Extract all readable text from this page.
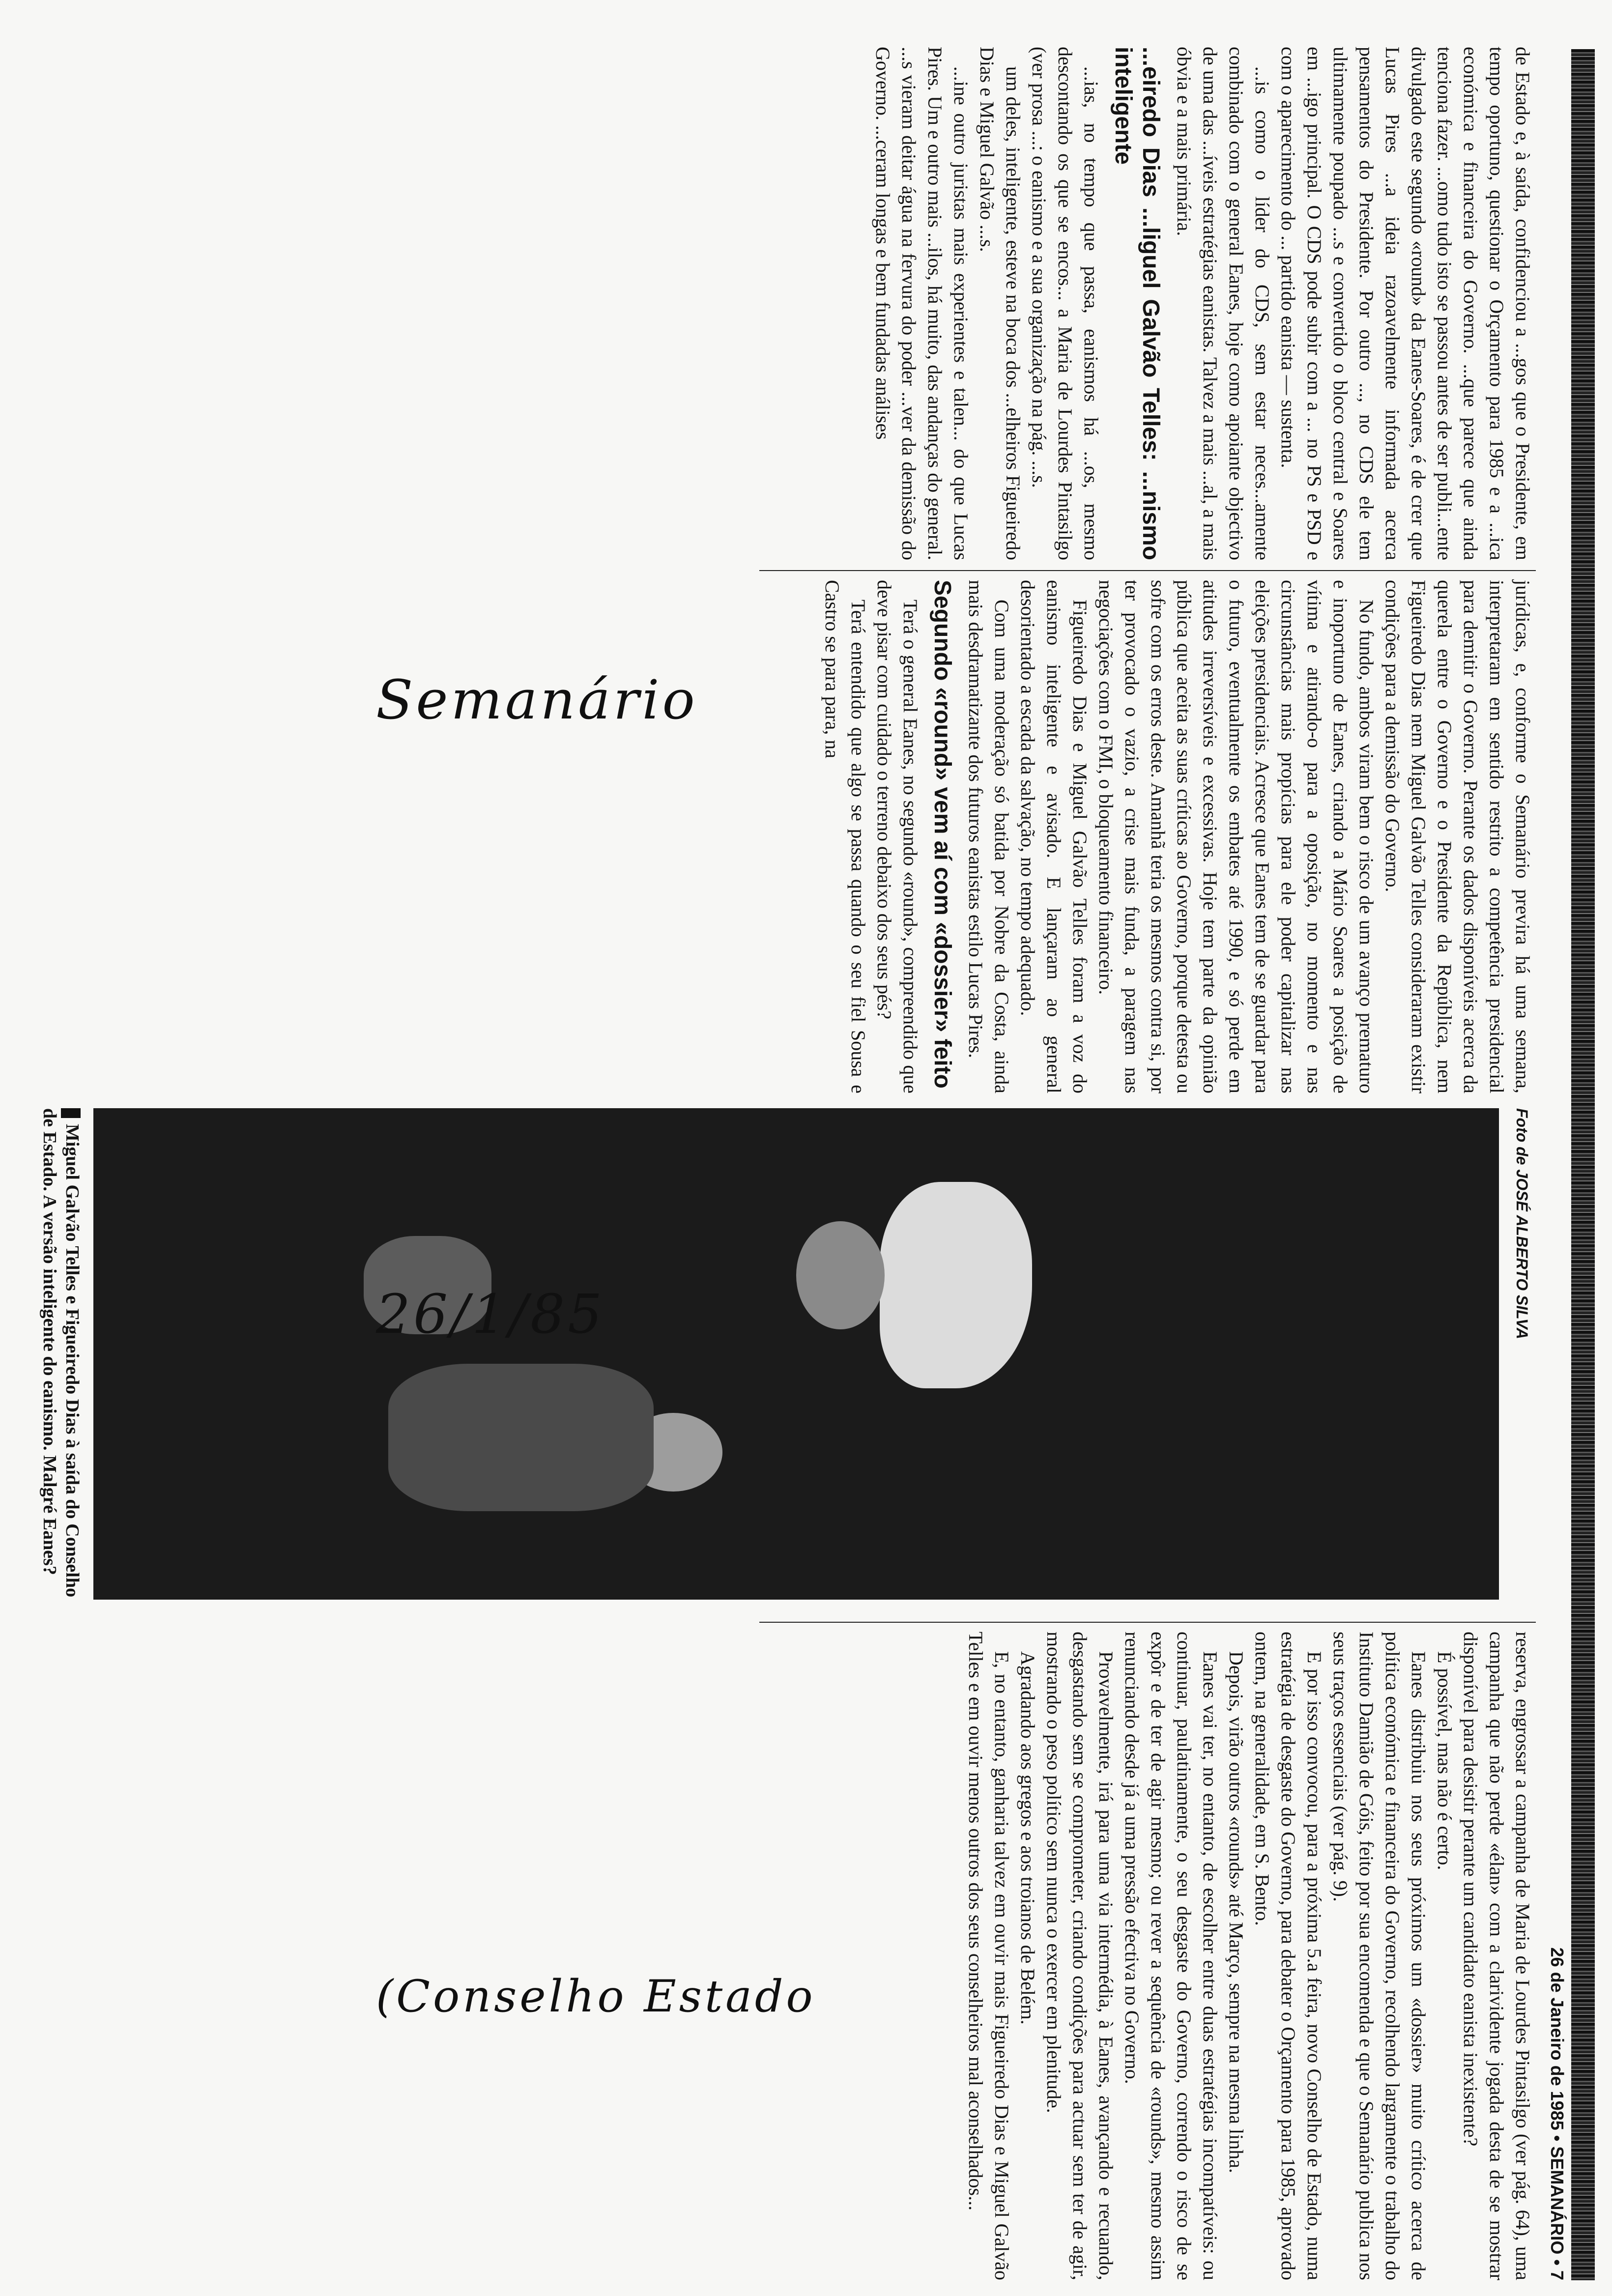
26 de Janeiro de 1985 • SEMANÁRIO • 7

de Estado e, à saída, confidenciou a ...gos que o Presidente, em tempo oportuno, questionar o Orçamento para 1985 e a ...ica económica e financeira do Governo. ...que parece que ainda tenciona fazer. ...omo tudo isto se passou antes de ser publi...ente divulgado este segundo «round» da Eanes-Soares, é de crer que Lucas Pires ...a ideia razoavelmente informada acerca pensamentos do Presidente. Por outro ..., no CDS ele tem ultimamente poupado ...s e convertido o bloco central e Soares em ...igo principal. O CDS pode subir com a ... no PS e PSD e com o aparecimento do ... partido eanista — sustenta.

...is como o líder do CDS, sem estar neces...amente combinado com o general Eanes, hoje como apoiante objectivo de uma das ...íveis estratégias eanistas. Talvez a mais ...al, a mais óbvia e a mais primária.

...eiredo Dias ...liguel Galvão Telles: ...nismo inteligente

...ias, no tempo que passa, eanismos há ...os, mesmo descontando os que se encos... a Maria de Lourdes Pintasilgo (ver prosa ...: o eanismo e a sua organização na pág. ...s.

um deles, inteligente, esteve na boca dos ...elheiros Figueiredo Dias e Miguel Galvão ...s.

...ine outro juristas mais experientes e talen... do que Lucas Pires. Um e outro mais ...ilos, há muito, das andanças do general. ...s vieram deitar água na fervura do poder ...ver da demissão do Governo. ...ceram longas e bem fundadas análises

jurídicas, e, conforme o Semanário previra há uma semana, interpretaram em sentido restrito a competência presidencial para demitir o Governo. Perante os dados disponíveis acerca da querela entre o Governo e o Presidente da República, nem Figueiredo Dias nem Miguel Galvão Telles consideraram existir condições para a demissão do Governo.

No fundo, ambos viram bem o risco de um avanço prematuro e inoportuno de Eanes, criando a Mário Soares a posição de vítima e atirando-o para a oposição, no momento e nas circunstâncias mais propícias para ele poder capitalizar nas eleições presidenciais. Acresce que Eanes tem de se guardar para o futuro, eventualmente os embates até 1990, e só perde em atitudes irreversíveis e excessivas. Hoje tem parte da opinião pública que aceita as suas críticas ao Governo, porque detesta ou sofre com os erros deste. Amanhã teria os mesmos contra si, por ter provocado o vazio, a crise mais funda, a paragem nas negociações com o FMI, o bloqueamento financeiro.

Figueiredo Dias e Miguel Galvão Telles foram a voz do eanismo inteligente e avisado. E lançaram ao general desorientado a escada da salvação, no tempo adequado.

Com uma moderação só batida por Nobre da Costa, ainda mais desdramatizante dos futuros eanistas estilo Lucas Pires.

Segundo «round» vem aí com «dossier» feito

Terá o general Eanes, no segundo «round», compreendido que deve pisar com cuidado o terreno debaixo dos seus pés?

Terá entendido que algo se passa quando o seu fiel Sousa e Castro se para para, na

Semanário
Foto de JOSÉ ALBERTO SILVA
Miguel Galvão Telles e Figueiredo Dias à saída do Conselho de Estado. A versão inteligente do eanismo. Malgré Eanes?

reserva, engrossar a campanha de Maria de Lourdes Pintasilgo (ver pág. 64), uma campanha que não perde «élan» com a clarividente jogada desta de se mostrar disponível para desistir perante um candidato eanista inexistente?

É possível, mas não é certo.

Eanes distribuiu nos seus próximos um «dossier» muito crítico acerca de política económica e financeira do Governo, recolhendo largamente o trabalho do Instituto Damião de Góis, feito por sua encomenda e que o Semanário publica nos seus traços essenciais (ver pág. 9).

E por isso convocou, para a próxima 5.a feira, novo Conselho de Estado, numa estratégia de desgaste do Governo, para debater o Orçamento para 1985, aprovado ontem, na generalidade, em S. Bento.

Depois, virão outros «rounds» até Março, sempre na mesma linha.

Eanes vai ter, no entanto, de escolher entre duas estratégias incompatíveis: ou continuar, paulatinamente, o seu desgaste do Governo, correndo o risco de se expôr e de ter de agir mesmo; ou rever a sequência de «rounds», mesmo assim renunciando desde já a uma pressão efectiva no Governo.

Provavelmente, irá para uma via intermédia, à Eanes, avançando e recuando, desgastando sem se comprometer, criando condições para actuar sem ter de agir, mostrando o peso político sem nunca o exercer em plenitude.

Agradando aos gregos e aos troianos de Belém.

E, no entanto, ganharia talvez em ouvir mais Figueiredo Dias e Miguel Galvão Telles e em ouvir menos outros dos seus conselheiros mal aconselhados...

26/1/85
(Conselho Estado
